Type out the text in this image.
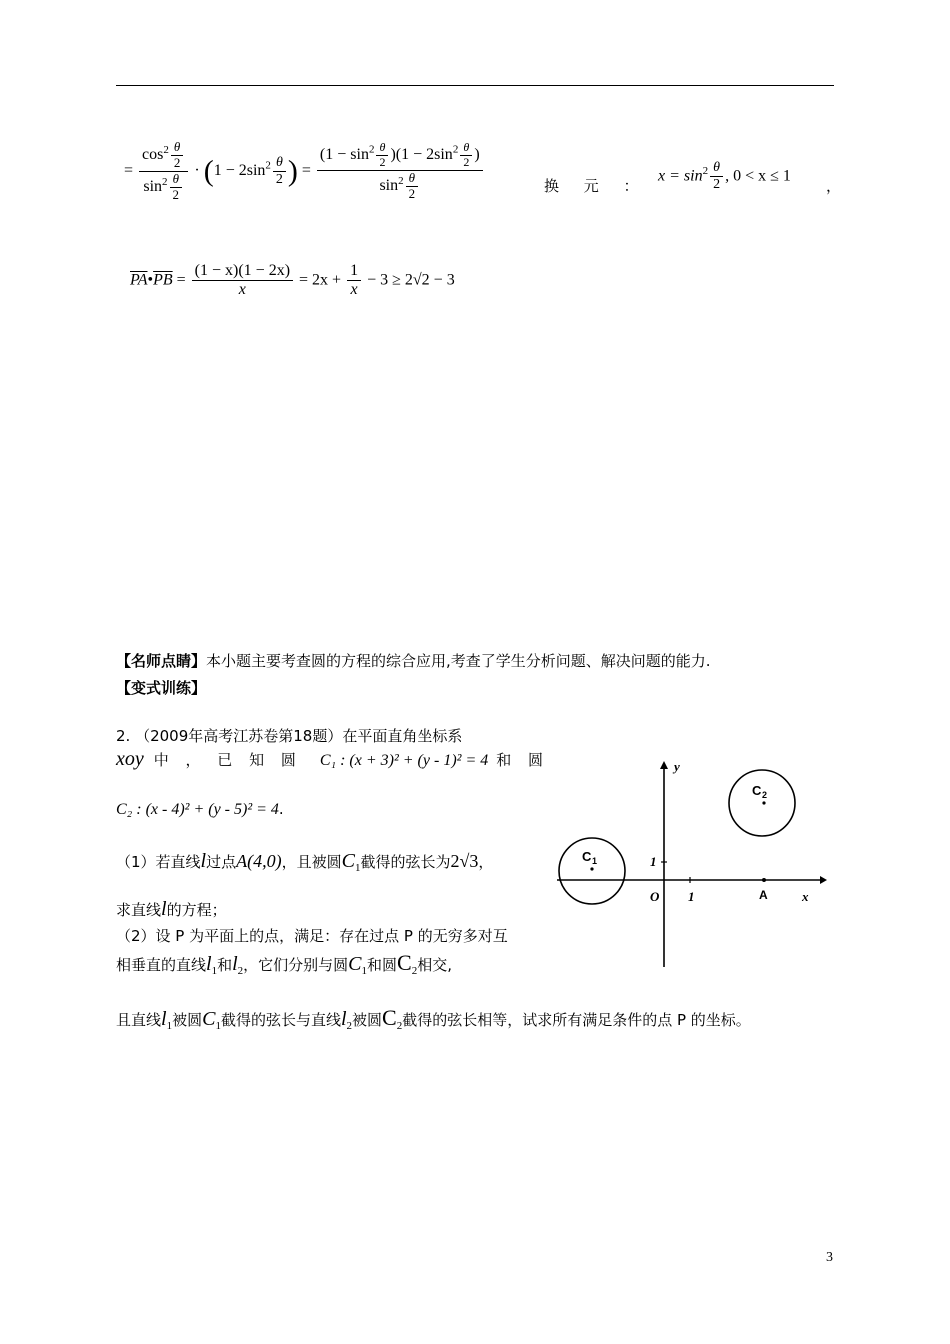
= $\frac{\cos^2 \frac{\theta}{2}}{\sin^2 \frac{\theta}{2}} \cdot (1 - 2\sin^2 \frac{\theta}{2}$ ) = $\frac{(1 - \sin^2 \frac{\theta}{2} )(1 - 2\sin^2 \frac{\theta}{2} )}{\sin^2 \frac{\theta}{2}}$	换 元 ：
$x = \sin^2 \frac{\theta}{2}$ , 0 < x ≤ 1
，
$\overline{PA}•\overline{PB} = \frac{(1 - x)(1 - 2x)}{x} = 2x + \frac{1}{x} - 3 \ge 2√2 - 3$
【名师点睛】本小题主要考查圆的方程的综合应用,考查了学生分析问题、解决问题的能力.
【变式训练】
2. （2009年高考江苏卷第18题）在平面直角坐标系
xoy 中 ， 已 知 圆 C₁ : (x + 3)² + (y - 1)² = 4 和 圆
C₂ : (x - 4)² + (y - 5)² = 4.
（1）若直线l过点A(4,0)，且被圆$C_1$截得的弦长为2√3，
求直线l的方程；
（2）设 P 为平面上的点，满足：存在过点 P 的无穷多对互
相垂直的直线$l_1$和$l_2$，它们分别与圆$C_1$和圆$C_2$相交,
且直线$l_1$被圆$C_1$截得的弦长与直线$l_2$被圆$C_2$截得的弦长相等，试求所有满足条件的点 P 的坐标。
y
x
O 1
1
A
C 1
C 2
3
